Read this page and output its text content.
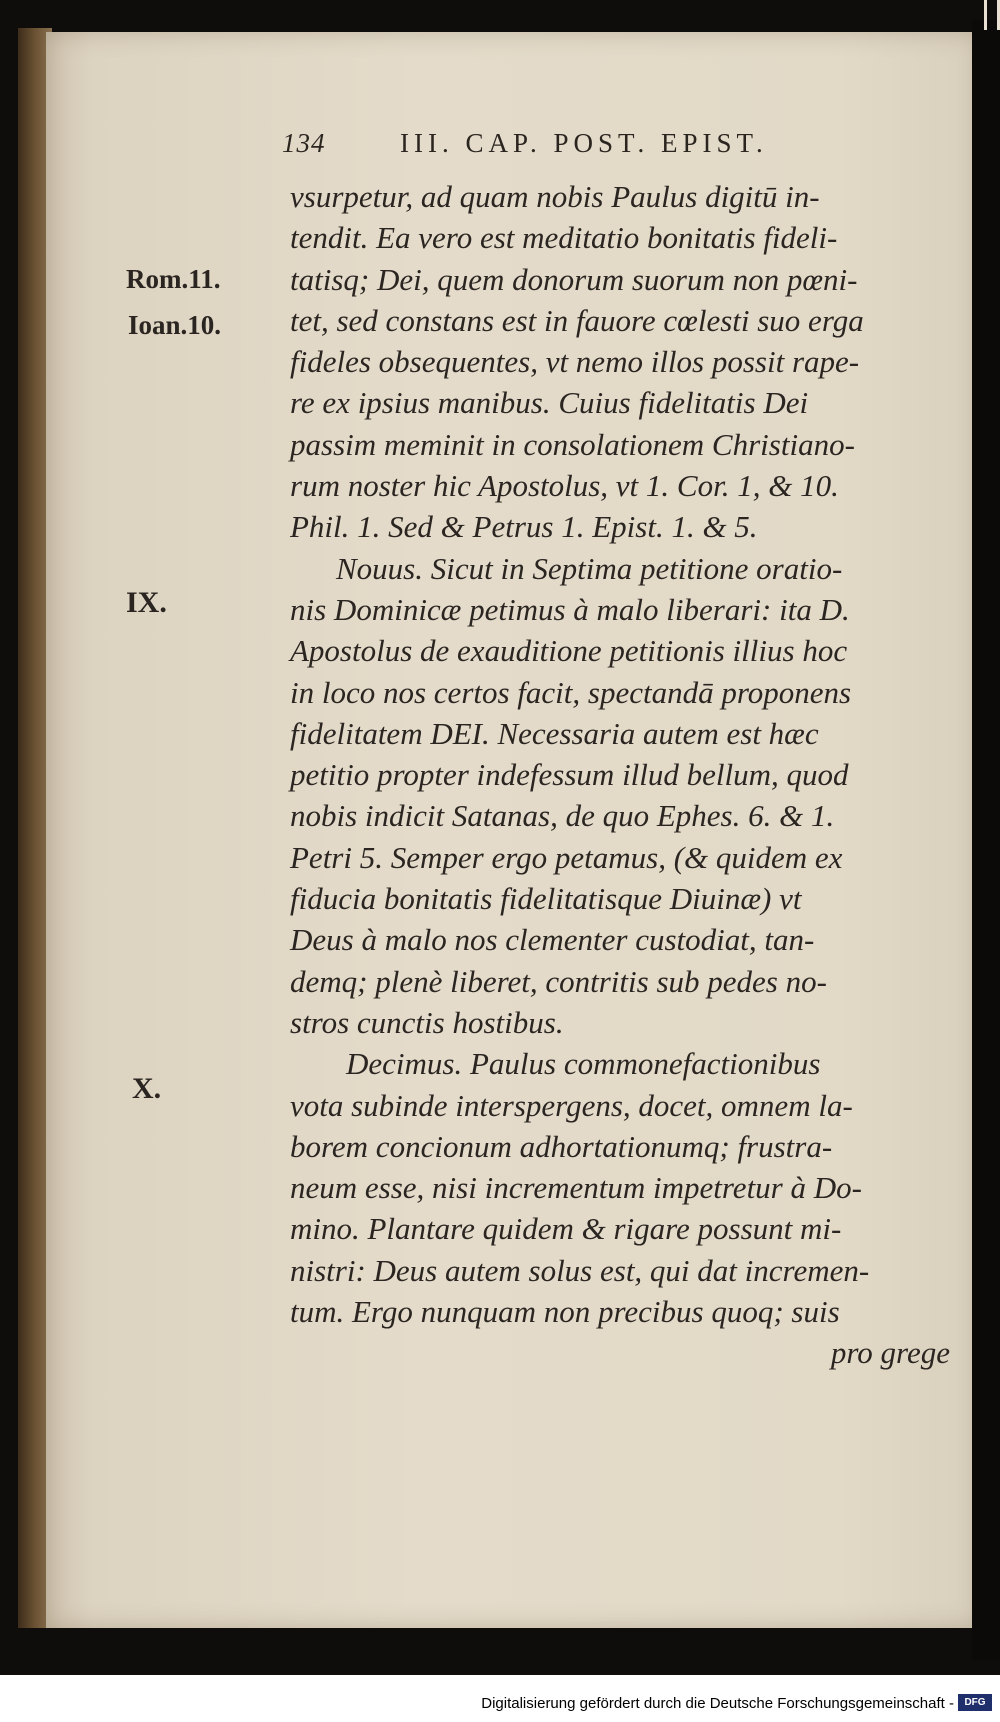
134	III. CAP. POST. EPIST.
Rom.11.
Ioan.10.
IX.
X.
vsurpetur, ad quam nobis Paulus digitū in-
tendit. Ea vero est meditatio bonitatis fideli-
tatisq; Dei, quem donorum suorum non pœni-
tet, sed constans est in fauore cœlesti suo erga
fideles obsequentes, vt nemo illos possit rape-
re ex ipsius manibus. Cuius fidelitatis Dei
passim meminit in consolationem Christiano-
rum noster hic Apostolus, vt 1. Cor. 1, & 10.
Phil. 1. Sed & Petrus 1. Epist. 1. & 5.
Nouus. Sicut in Septima petitione oratio-
nis Dominicæ petimus à malo liberari: ita D.
Apostolus de exauditione petitionis illius hoc
in loco nos certos facit, spectandā proponens
fidelitatem DEI. Necessaria autem est hæc
petitio propter indefessum illud bellum, quod
nobis indicit Satanas, de quo Ephes. 6. & 1.
Petri 5. Semper ergo petamus, (& quidem ex
fiducia bonitatis fidelitatisque Diuinæ) vt
Deus à malo nos clementer custodiat, tan-
demq; plenè liberet, contritis sub pedes no-
stros cunctis hostibus.
Decimus. Paulus commonefactionibus
vota subinde interspergens, docet, omnem la-
borem concionum adhortationumq; frustra-
neum esse, nisi incrementum impetretur à Do-
mino. Plantare quidem & rigare possunt mi-
nistri: Deus autem solus est, qui dat incremen-
tum. Ergo nunquam non precibus quoq; suis
pro grege
Digitalisierung gefördert durch die Deutsche Forschungsgemeinschaft -	DFG
